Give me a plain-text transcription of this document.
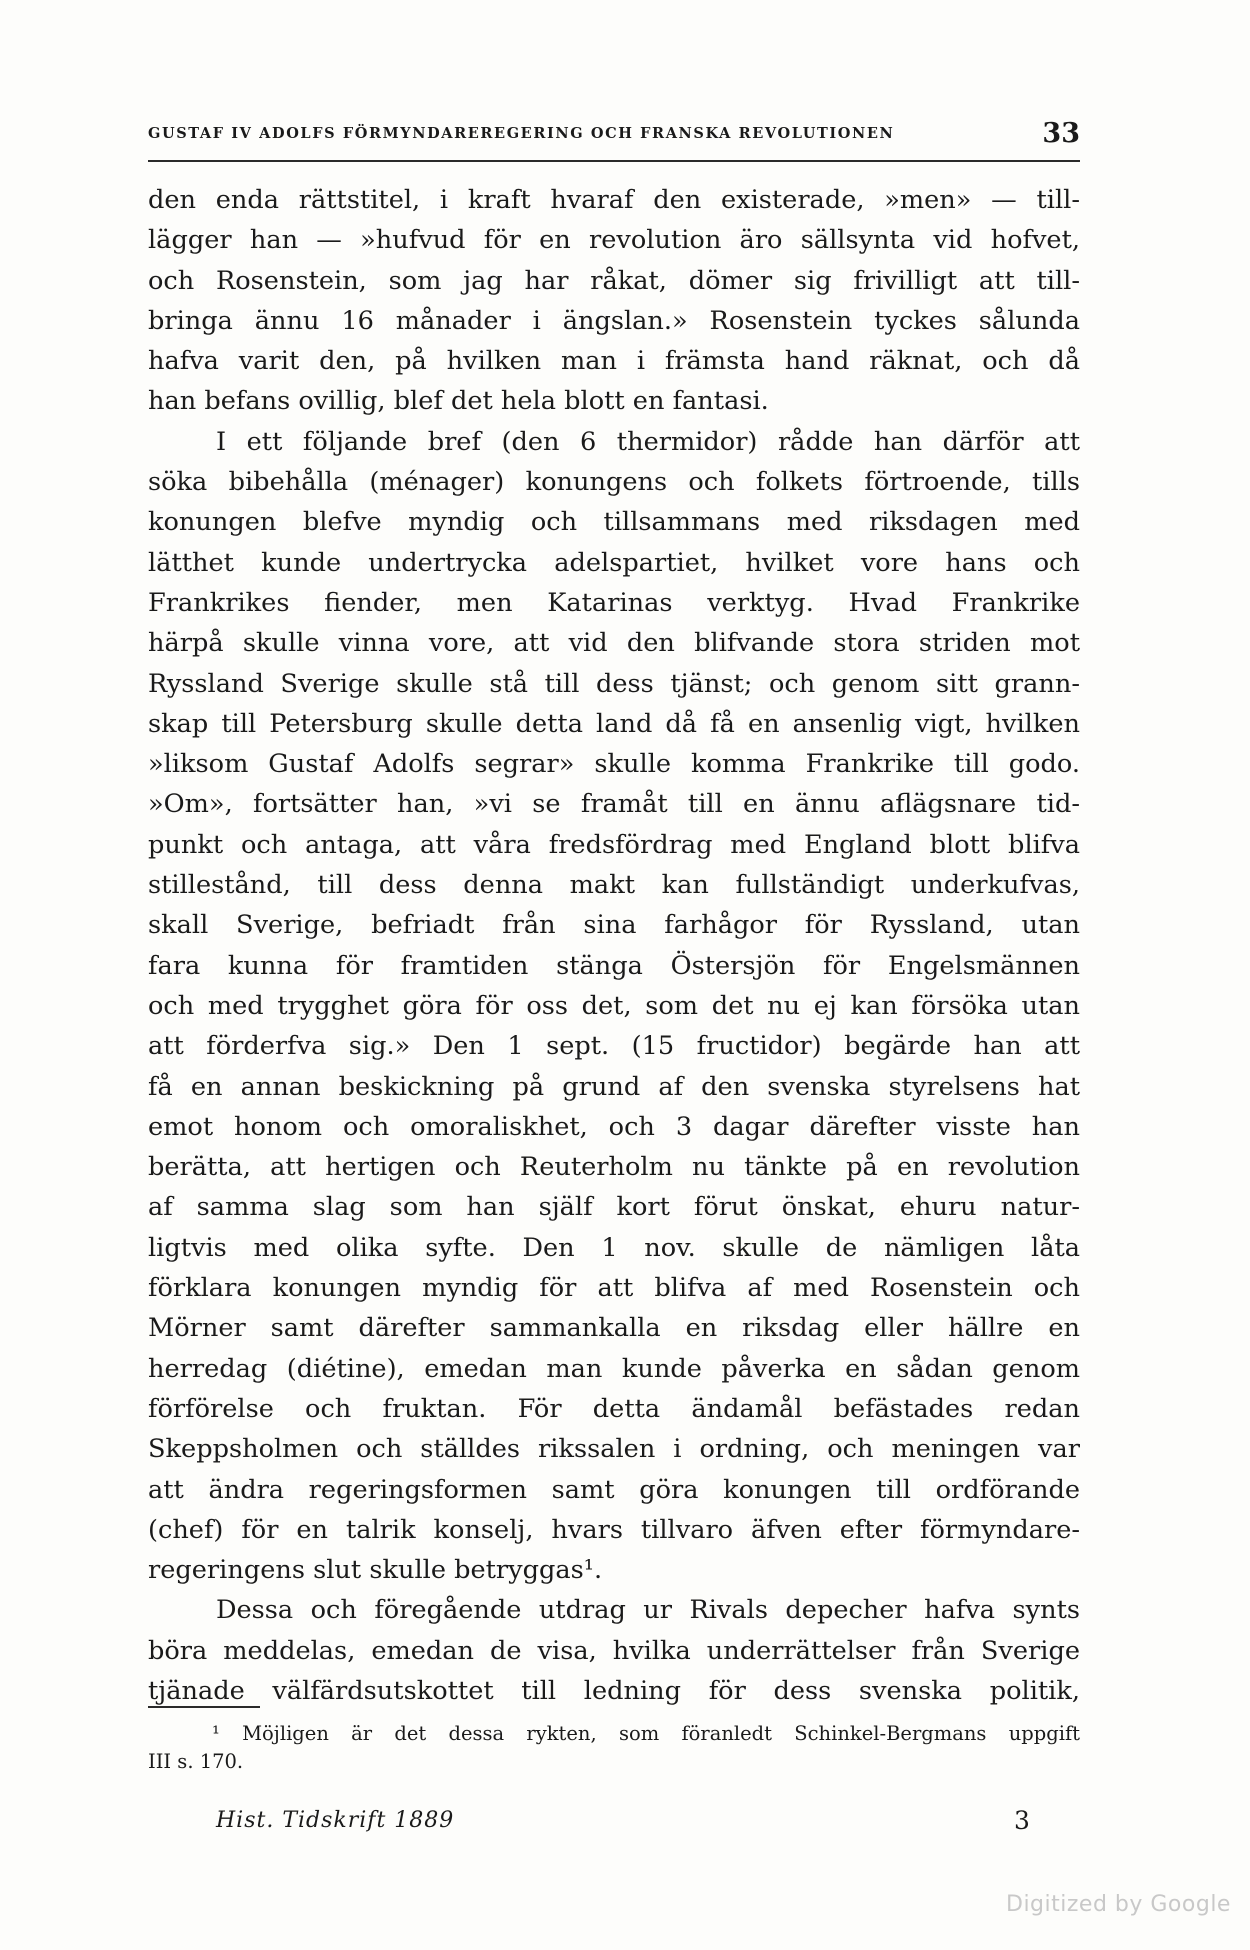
GUSTAF IV ADOLFS FÖRMYNDAREREGERING OCH FRANSKA REVOLUTIONEN	33
den enda rättstitel, i kraft hvaraf den existerade, »men» — till-
lägger han — »hufvud för en revolution äro sällsynta vid hofvet,
och Rosenstein, som jag har råkat, dömer sig frivilligt att till-
bringa ännu 16 månader i ängslan.» Rosenstein tyckes sålunda
hafva varit den, på hvilken man i främsta hand räknat, och då
han befans ovillig, blef det hela blott en fantasi.
I ett följande bref (den 6 thermidor) rådde han därför att
söka bibehålla (ménager) konungens och folkets förtroende, tills
konungen blefve myndig och tillsammans med riksdagen med
lätthet kunde undertrycka adelspartiet, hvilket vore hans och
Frankrikes fiender, men Katarinas verktyg. Hvad Frankrike
härpå skulle vinna vore, att vid den blifvande stora striden mot
Ryssland Sverige skulle stå till dess tjänst; och genom sitt grann-
skap till Petersburg skulle detta land då få en ansenlig vigt, hvilken
»liksom Gustaf Adolfs segrar» skulle komma Frankrike till godo.
»Om», fortsätter han, »vi se framåt till en ännu aflägsnare tid-
punkt och antaga, att våra fredsfördrag med England blott blifva
stillestånd, till dess denna makt kan fullständigt underkufvas,
skall Sverige, befriadt från sina farhågor för Ryssland, utan
fara kunna för framtiden stänga Östersjön för Engelsmännen
och med trygghet göra för oss det, som det nu ej kan försöka utan
att förderfva sig.» Den 1 sept. (15 fructidor) begärde han att
få en annan beskickning på grund af den svenska styrelsens hat
emot honom och omoraliskhet, och 3 dagar därefter visste han
berätta, att hertigen och Reuterholm nu tänkte på en revolution
af samma slag som han själf kort förut önskat, ehuru natur-
ligtvis med olika syfte. Den 1 nov. skulle de nämligen låta
förklara konungen myndig för att blifva af med Rosenstein och
Mörner samt därefter sammankalla en riksdag eller hällre en
herredag (diétine), emedan man kunde påverka en sådan genom
förförelse och fruktan. För detta ändamål befästades redan
Skeppsholmen och ställdes rikssalen i ordning, och meningen var
att ändra regeringsformen samt göra konungen till ordförande
(chef) för en talrik konselj, hvars tillvaro äfven efter förmyndare-
regeringens slut skulle betryggas¹.
Dessa och föregående utdrag ur Rivals depecher hafva synts
böra meddelas, emedan de visa, hvilka underrättelser från Sverige
tjänade välfärdsutskottet till ledning för dess svenska politik,
¹ Möjligen är det dessa rykten, som föranledt Schinkel-Bergmans uppgift
III s. 170.
Hist. Tidskrift 1889	3
Digitized by Google
